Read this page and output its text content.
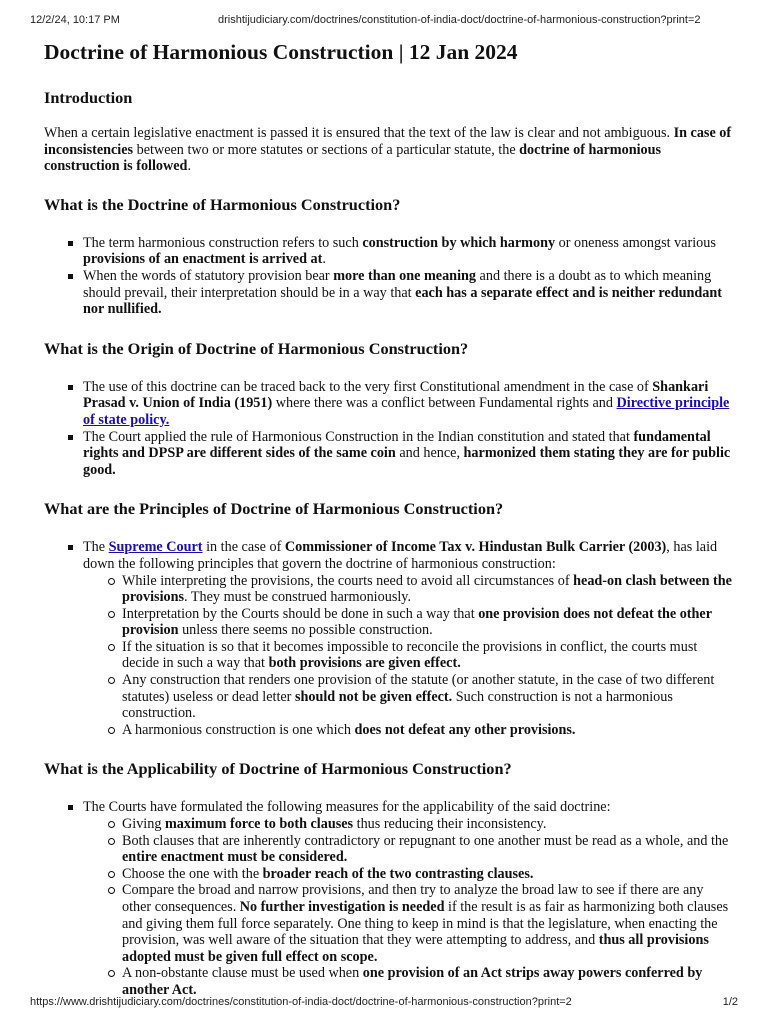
12/2/24, 10:17 PM	drishtijudiciary.com/doctrines/constitution-of-india-doct/doctrine-of-harmonious-construction?print=2
Doctrine of Harmonious Construction | 12 Jan 2024
Introduction

When a certain legislative enactment is passed it is ensured that the text of the law is clear and not ambiguous. In case of inconsistencies between two or more statutes or sections of a particular statute, the doctrine of harmonious construction is followed.

What is the Doctrine of Harmonious Construction?
The term harmonious construction refers to such construction by which harmony or oneness amongst various provisions of an enactment is arrived at.
When the words of statutory provision bear more than one meaning and there is a doubt as to which meaning should prevail, their interpretation should be in a way that each has a separate effect and is neither redundant nor nullified.
What is the Origin of Doctrine of Harmonious Construction?
The use of this doctrine can be traced back to the very first Constitutional amendment in the case of Shankari Prasad v. Union of India (1951) where there was a conflict between Fundamental rights and Directive principle of state policy.
The Court applied the rule of Harmonious Construction in the Indian constitution and stated that fundamental rights and DPSP are different sides of the same coin and hence, harmonized them stating they are for public good.
What are the Principles of Doctrine of Harmonious Construction?
The Supreme Court in the case of Commissioner of Income Tax v. Hindustan Bulk Carrier (2003), has laid down the following principles that govern the doctrine of harmonious construction:
While interpreting the provisions, the courts need to avoid all circumstances of head-on clash between the provisions. They must be construed harmoniously.
Interpretation by the Courts should be done in such a way that one provision does not defeat the other provision unless there seems no possible construction.
If the situation is so that it becomes impossible to reconcile the provisions in conflict, the courts must decide in such a way that both provisions are given effect.
Any construction that renders one provision of the statute (or another statute, in the case of two different statutes) useless or dead letter should not be given effect. Such construction is not a harmonious construction.
A harmonious construction is one which does not defeat any other provisions.
What is the Applicability of Doctrine of Harmonious Construction?
The Courts have formulated the following measures for the applicability of the said doctrine:
Giving maximum force to both clauses thus reducing their inconsistency.
Both clauses that are inherently contradictory or repugnant to one another must be read as a whole, and the entire enactment must be considered.
Choose the one with the broader reach of the two contrasting clauses.
Compare the broad and narrow provisions, and then try to analyze the broad law to see if there are any other consequences. No further investigation is needed if the result is as fair as harmonizing both clauses and giving them full force separately. One thing to keep in mind is that the legislature, when enacting the provision, was well aware of the situation that they were attempting to address, and thus all provisions adopted must be given full effect on scope.
A non-obstante clause must be used when one provision of an Act strips away powers conferred by another Act.
https://www.drishtijudiciary.com/doctrines/constitution-of-india-doct/doctrine-of-harmonious-construction?print=2	1/2
